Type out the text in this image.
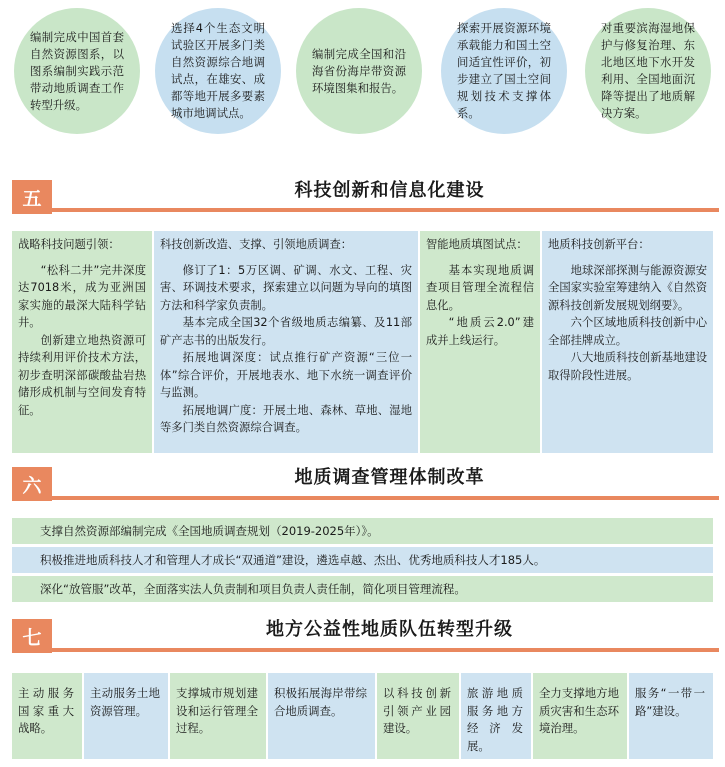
编制完成中国首套自然资源图系，以图系编制实践示范带动地质调查工作转型升级。
选择4个生态文明试验区开展多门类自然资源综合地调试点，在雄安、成都等地开展多要素城市地调试点。
编制完成全国和沿海省份海岸带资源环境图集和报告。
探索开展资源环境承载能力和国土空间适宜性评价，初步建立了国土空间规划技术支撑体系。
对重要滨海湿地保护与修复治理、东北地区地下水开发利用、全国地面沉降等提出了地质解决方案。
五	科技创新和信息化建设

战略科技问题引领：

“松科二井”完井深度达7018米，成为亚洲国家实施的最深大陆科学钻井。

创新建立地热资源可持续利用评价技术方法，初步查明深部碳酸盐岩热储形成机制与空间发育特征。

科技创新改造、支撑、引领地质调查：

修订了1：5万区调、矿调、水文、工程、灾害、环调技术要求，探索建立以问题为导向的填图方法和科学家负责制。

基本完成全国32个省级地质志编纂、及11部矿产志书的出版发行。

拓展地调深度：试点推行矿产资源“三位一体”综合评价，开展地表水、地下水统一调查评价与监测。

拓展地调广度：开展土地、森林、草地、湿地等多门类自然资源综合调查。

智能地质填图试点：

基本实现地质调查项目管理全流程信息化。

“地质云2.0”建成并上线运行。

地质科技创新平台：

地球深部探测与能源资源安全国家实验室筹建纳入《自然资源科技创新发展规划纲要》。

六个区域地质科技创新中心全部挂牌成立。

八大地质科技创新基地建设取得阶段性进展。

六	地质调查管理体制改革
支撑自然资源部编制完成《全国地质调查规划（2019-2025年）》。
积极推进地质科技人才和管理人才成长“双通道”建设，遴选卓越、杰出、优秀地质科技人才185人。
深化“放管服”改革，全面落实法人负责制和项目负责人责任制，简化项目管理流程。
七	地方公益性地质队伍转型升级
主动服务国家重大战略。
主动服务土地资源管理。
支撑城市规划建设和运行管理全过程。
积极拓展海岸带综合地质调查。
以科技创新引领产业园建设。
旅游地质服务地方经济发展。
全力支撑地方地质灾害和生态环境治理。
服务“一带一路”建设。
